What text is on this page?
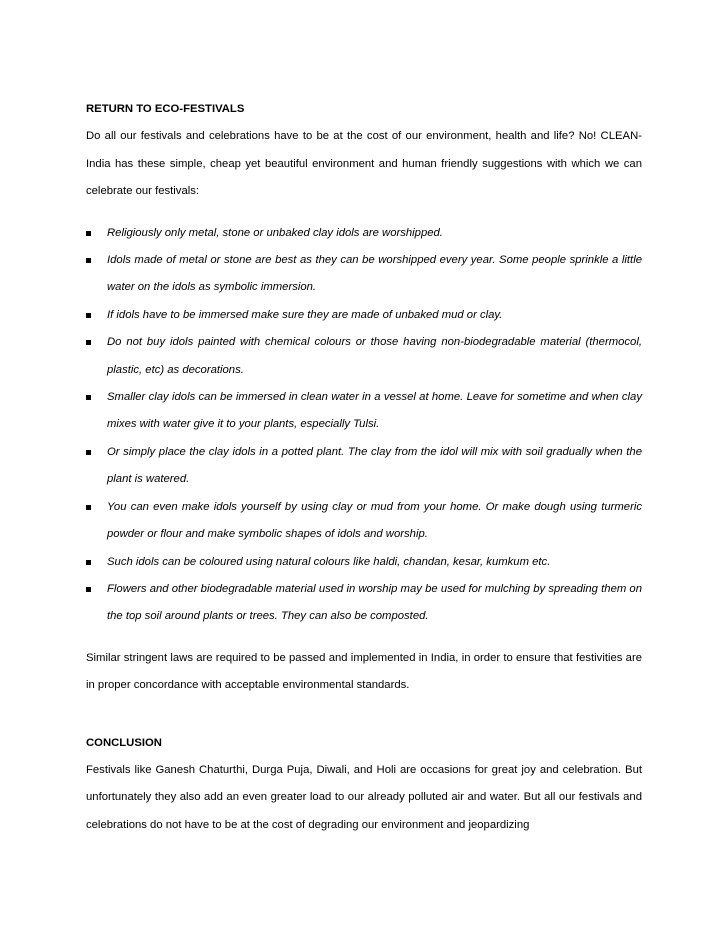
RETURN TO ECO-FESTIVALS

Do all our festivals and celebrations have to be at the cost of our environment, health and life? No! CLEAN-India has these simple, cheap yet beautiful environment and human friendly suggestions with which we can celebrate our festivals:

Religiously only metal, stone or unbaked clay idols are worshipped.
Idols made of metal or stone are best as they can be worshipped every year. Some people sprinkle a little water on the idols as symbolic immersion.
If idols have to be immersed make sure they are made of unbaked mud or clay.
Do not buy idols painted with chemical colours or those having non-biodegradable material (thermocol, plastic, etc) as decorations.
Smaller clay idols can be immersed in clean water in a vessel at home. Leave for sometime and when clay mixes with water give it to your plants, especially Tulsi.
Or simply place the clay idols in a potted plant. The clay from the idol will mix with soil gradually when the plant is watered.
You can even make idols yourself by using clay or mud from your home. Or make dough using turmeric powder or flour and make symbolic shapes of idols and worship.
Such idols can be coloured using natural colours like haldi, chandan, kesar, kumkum etc.
Flowers and other biodegradable material used in worship may be used for mulching by spreading them on the top soil around plants or trees. They can also be composted.

Similar stringent laws are required to be passed and implemented in India, in order to ensure that festivities are in proper concordance with acceptable environmental standards.

CONCLUSION

Festivals like Ganesh Chaturthi, Durga Puja, Diwali, and Holi are occasions for great joy and celebration. But unfortunately they also add an even greater load to our already polluted air and water. But all our festivals and celebrations do not have to be at the cost of degrading our environment and jeopardizing
